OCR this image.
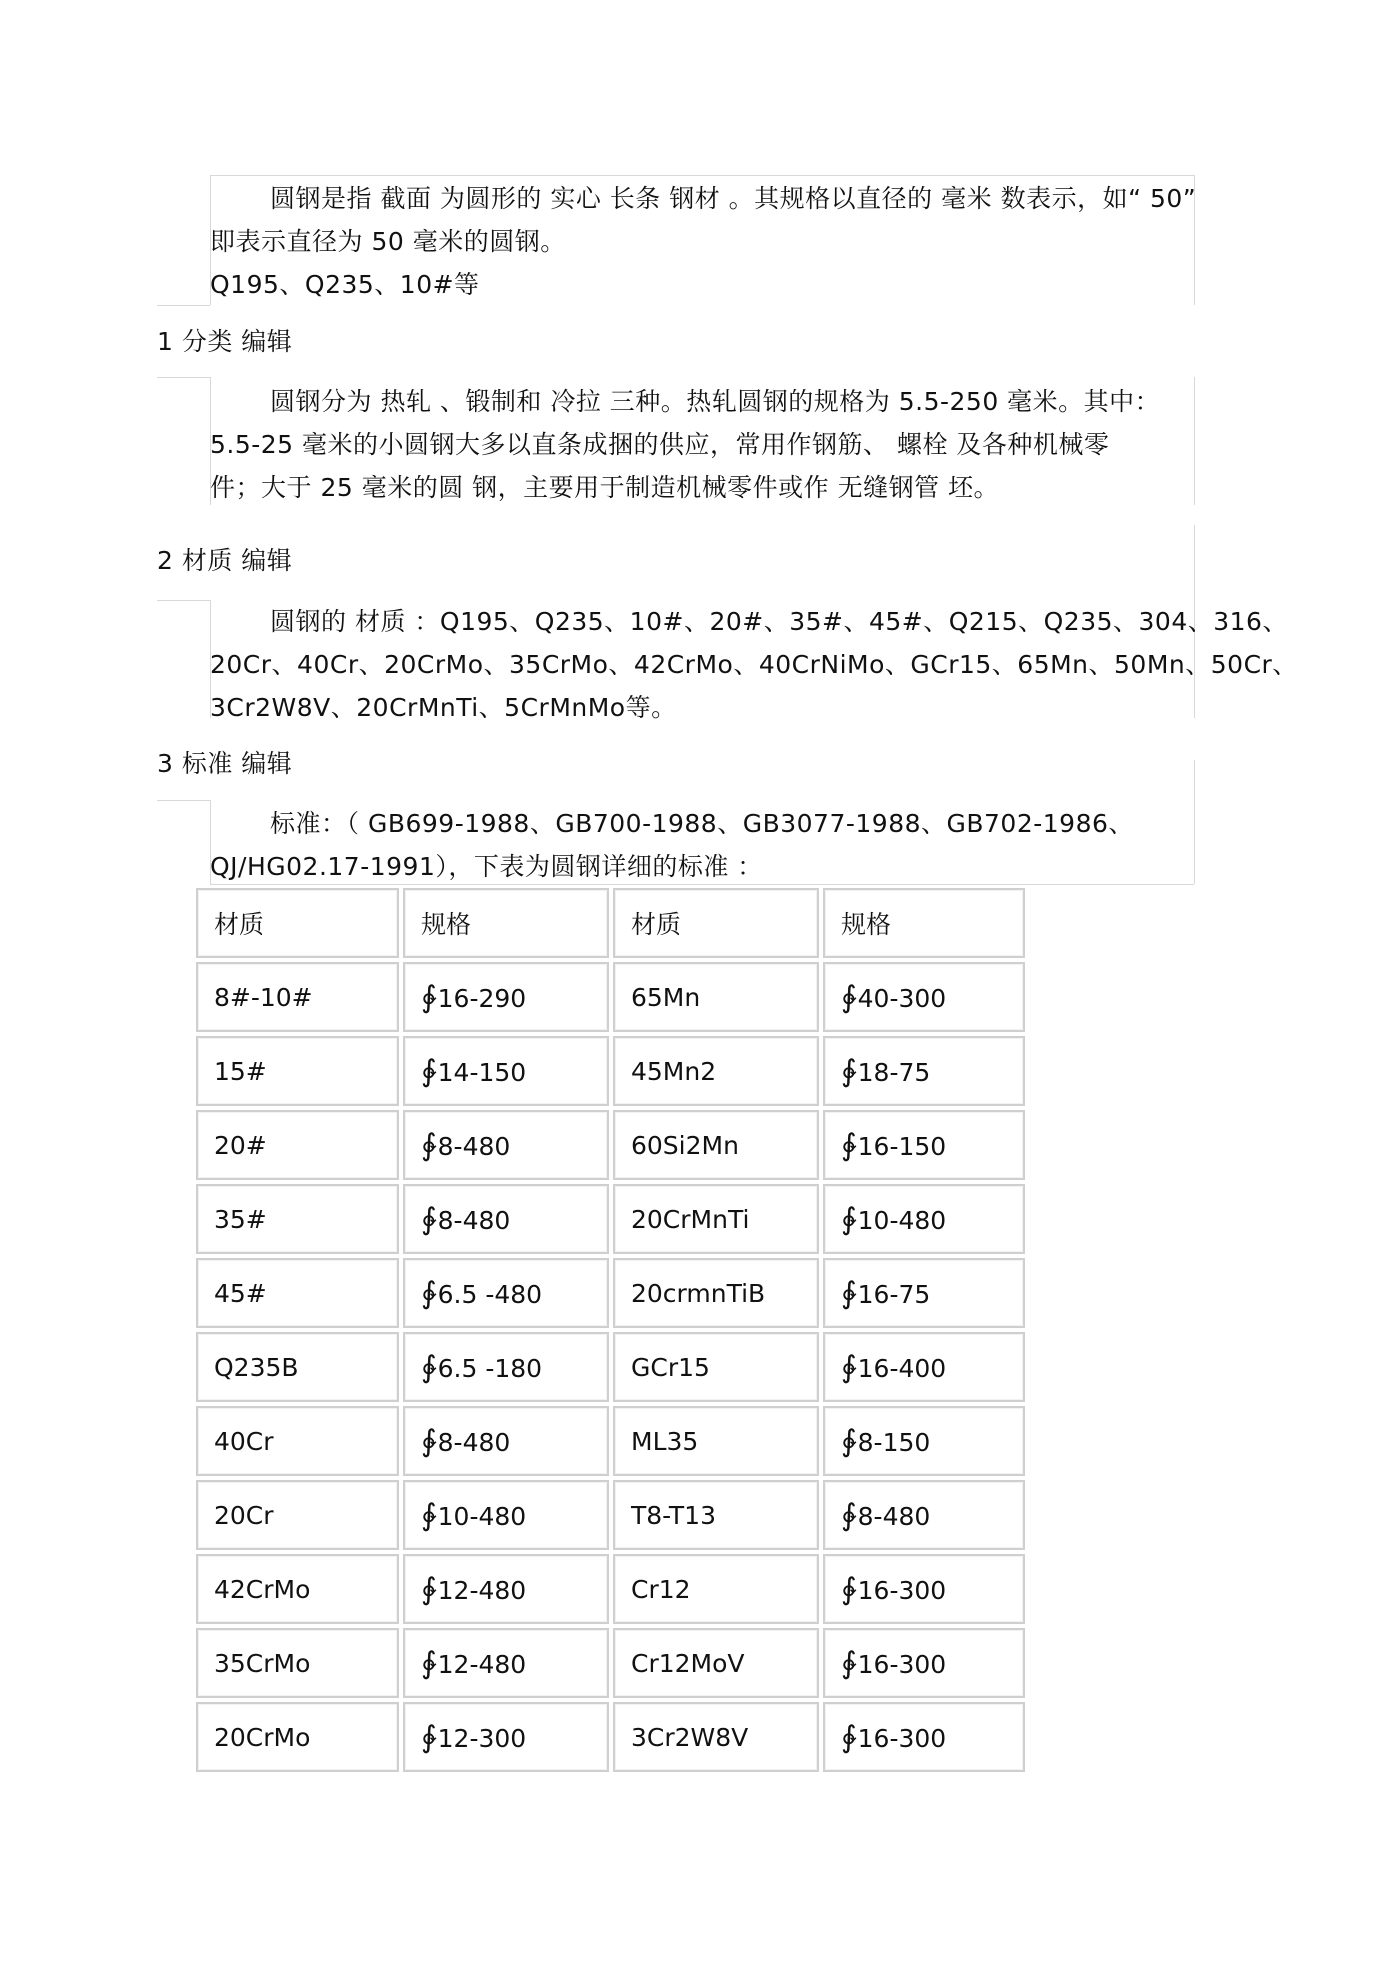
圆钢是指 截面 为圆形的 实心 长条 钢材 。其规格以直径的 毫米 数表示，如“ 50”
即表示直径为 50 毫米的圆钢。
Q195、Q235、10#等
1 分类 编辑
圆钢分为 热轧 、锻制和 冷拉 三种。热轧圆钢的规格为 5.5-250 毫米。其中：
5.5-25 毫米的小圆钢大多以直条成捆的供应，常用作钢筋、 螺栓 及各种机械零
件；大于 25 毫米的圆 钢，主要用于制造机械零件或作 无缝钢管 坯。
2 材质 编辑
圆钢的 材质 ：Q195、Q235、10#、20#、35#、45#、Q215、Q235、304、316、
20Cr、40Cr、20CrMo、35CrMo、42CrMo、40CrNiMo、GCr15、65Mn、50Mn、50Cr、
3Cr2W8V、20CrMnTi、5CrMnMo等。
3 标准 编辑
标准：（ GB699-1988、GB700-1988、GB3077-1988、GB702-1986、
QJ/HG02.17-1991），下表为圆钢详细的标准 ：
材质	规格	材质	规格
8#-10#	∲16-290	65Mn	∲40-300
15#	∲14-150	45Mn2	∲18-75
20#	∲8-480	60Si2Mn	∲16-150
35#	∲8-480	20CrMnTi	∲10-480
45#	∲6.5 -480	20crmnTiB	∲16-75
Q235B	∲6.5 -180	GCr15	∲16-400
40Cr	∲8-480	ML35	∲8-150
20Cr	∲10-480	T8-T13	∲8-480
42CrMo	∲12-480	Cr12	∲16-300
35CrMo	∲12-480	Cr12MoV	∲16-300
20CrMo	∲12-300	3Cr2W8V	∲16-300
